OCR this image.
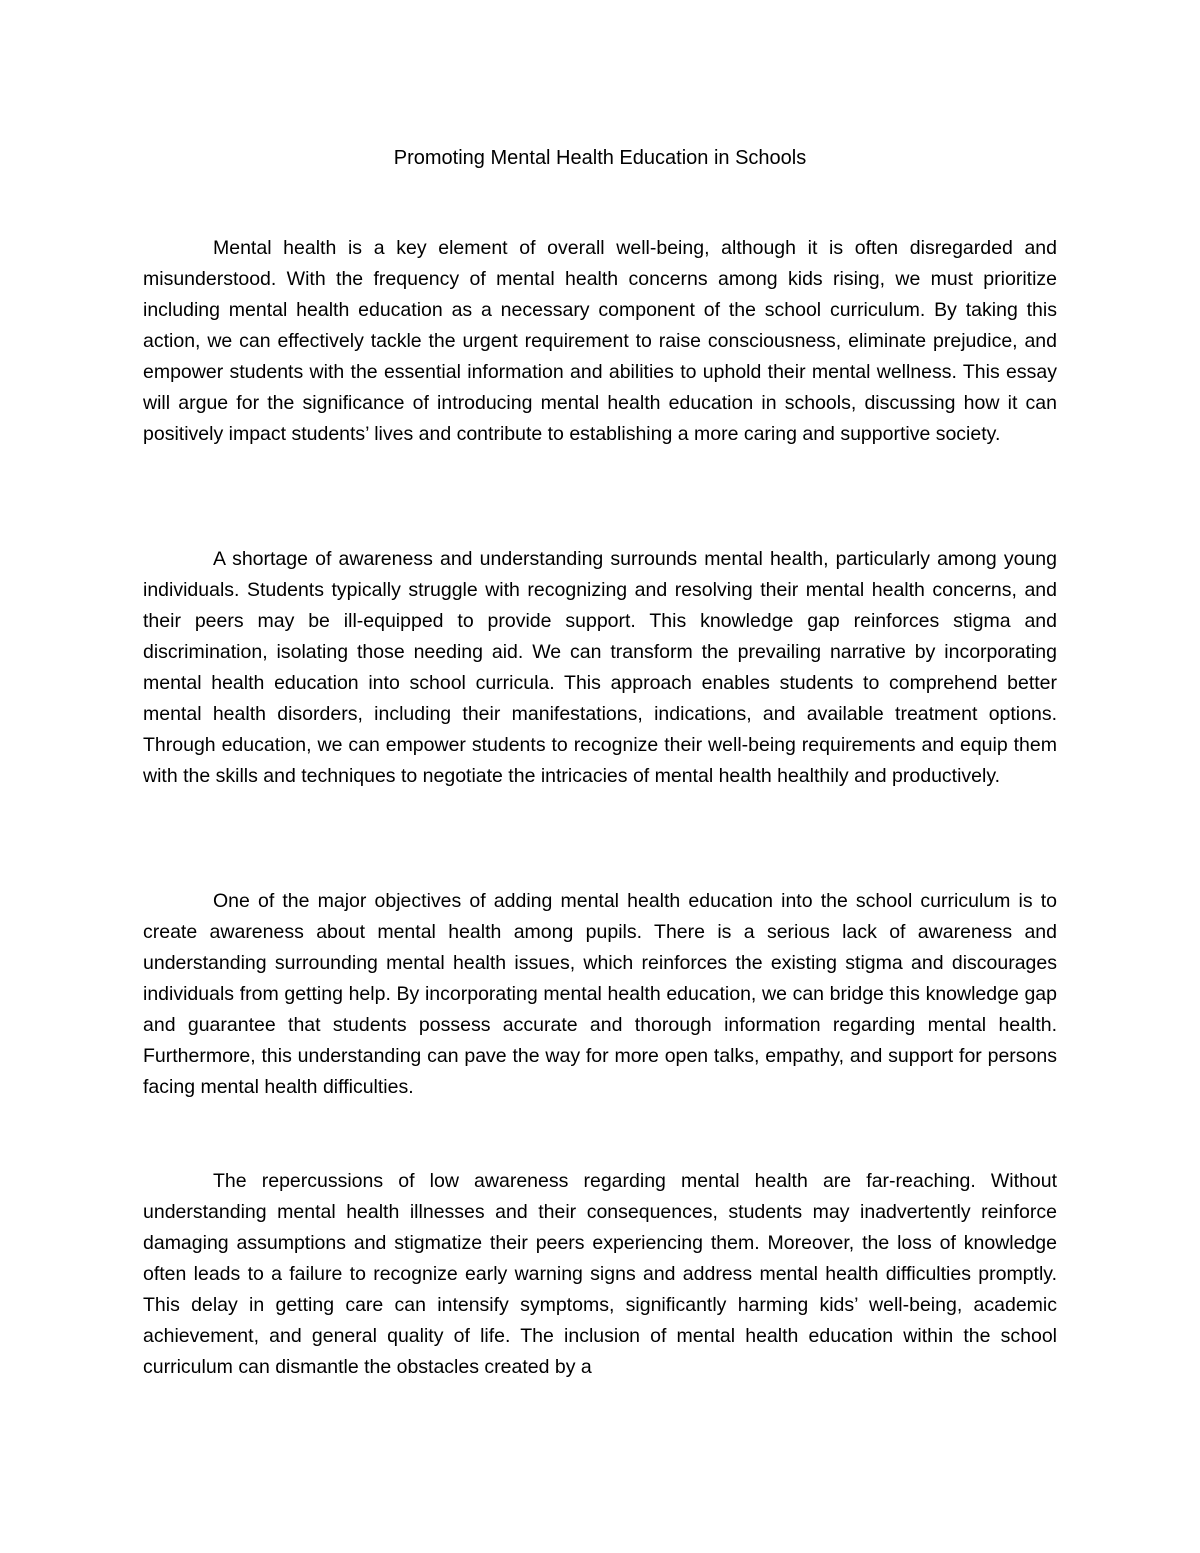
Promoting Mental Health Education in Schools

Mental health is a key element of overall well-being, although it is often disregarded and misunderstood. With the frequency of mental health concerns among kids rising, we must prioritize including mental health education as a necessary component of the school curriculum. By taking this action, we can effectively tackle the urgent requirement to raise consciousness, eliminate prejudice, and empower students with the essential information and abilities to uphold their mental wellness. This essay will argue for the significance of introducing mental health education in schools, discussing how it can positively impact students’ lives and contribute to establishing a more caring and supportive society.

A shortage of awareness and understanding surrounds mental health, particularly among young individuals. Students typically struggle with recognizing and resolving their mental health concerns, and their peers may be ill-equipped to provide support. This knowledge gap reinforces stigma and discrimination, isolating those needing aid. We can transform the prevailing narrative by incorporating mental health education into school curricula. This approach enables students to comprehend better mental health disorders, including their manifestations, indications, and available treatment options. Through education, we can empower students to recognize their well-being requirements and equip them with the skills and techniques to negotiate the intricacies of mental health healthily and productively.

One of the major objectives of adding mental health education into the school curriculum is to create awareness about mental health among pupils. There is a serious lack of awareness and understanding surrounding mental health issues, which reinforces the existing stigma and discourages individuals from getting help. By incorporating mental health education, we can bridge this knowledge gap and guarantee that students possess accurate and thorough information regarding mental health. Furthermore, this understanding can pave the way for more open talks, empathy, and support for persons facing mental health difficulties.

The repercussions of low awareness regarding mental health are far-reaching. Without understanding mental health illnesses and their consequences, students may inadvertently reinforce damaging assumptions and stigmatize their peers experiencing them. Moreover, the loss of knowledge often leads to a failure to recognize early warning signs and address mental health difficulties promptly. This delay in getting care can intensify symptoms, significantly harming kids’ well-being, academic achievement, and general quality of life. The inclusion of mental health education within the school curriculum can dismantle the obstacles created by a
